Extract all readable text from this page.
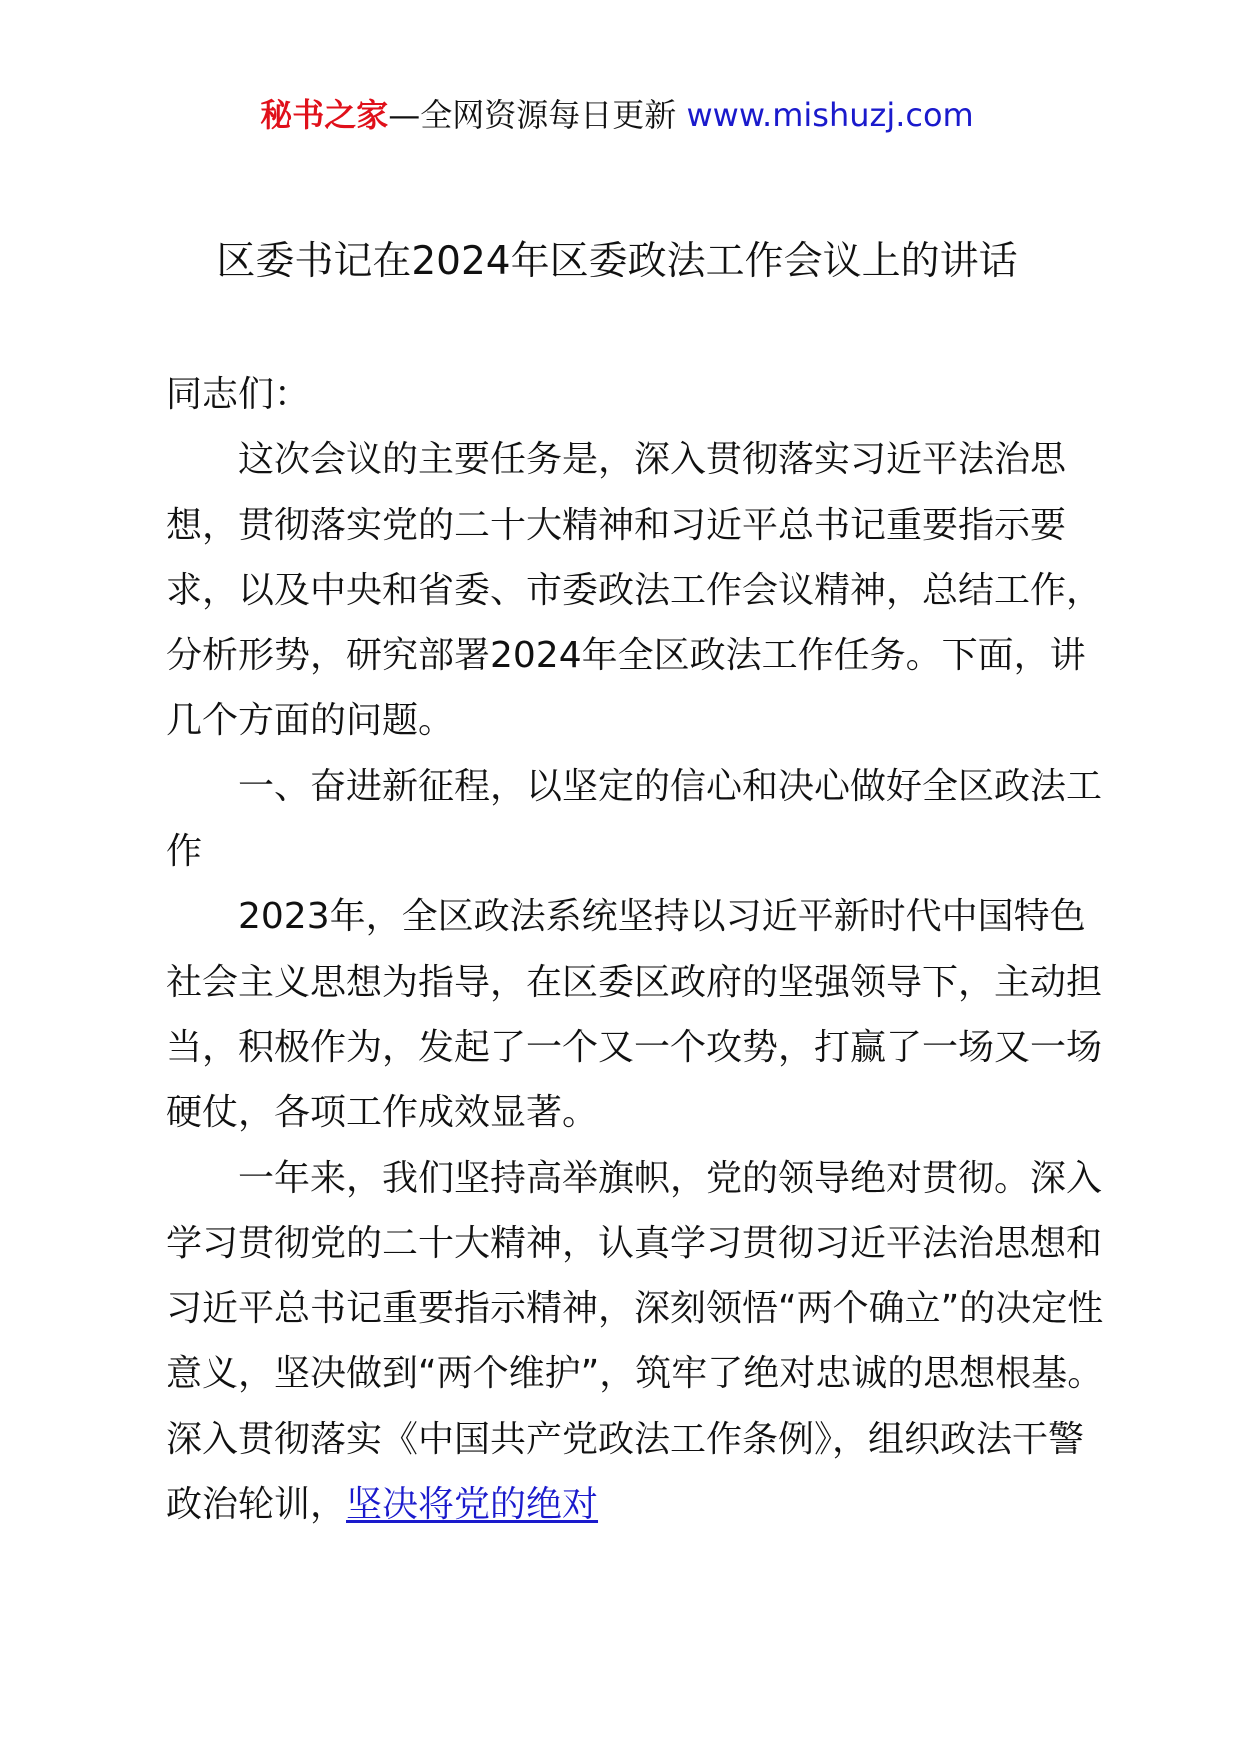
秘书之家—全网资源每日更新 www.mishuzj.com
区委书记在2024年区委政法工作会议上的讲话

同志们：

这次会议的主要任务是，深入贯彻落实习近平法治思想，贯彻落实党的二十大精神和习近平总书记重要指示要求，以及中央和省委、市委政法工作会议精神，总结工作，分析形势，研究部署2024年全区政法工作任务。下面，讲几个方面的问题。

一、奋进新征程，以坚定的信心和决心做好全区政法工作

2023年，全区政法系统坚持以习近平新时代中国特色社会主义思想为指导，在区委区政府的坚强领导下，主动担当，积极作为，发起了一个又一个攻势，打赢了一场又一场硬仗，各项工作成效显著。

一年来，我们坚持高举旗帜，党的领导绝对贯彻。深入学习贯彻党的二十大精神，认真学习贯彻习近平法治思想和习近平总书记重要指示精神，深刻领悟“两个确立”的决定性意义，坚决做到“两个维护”，筑牢了绝对忠诚的思想根基。深入贯彻落实《中国共产党政法工作条例》，组织政法干警政治轮训，坚决将党的绝对
